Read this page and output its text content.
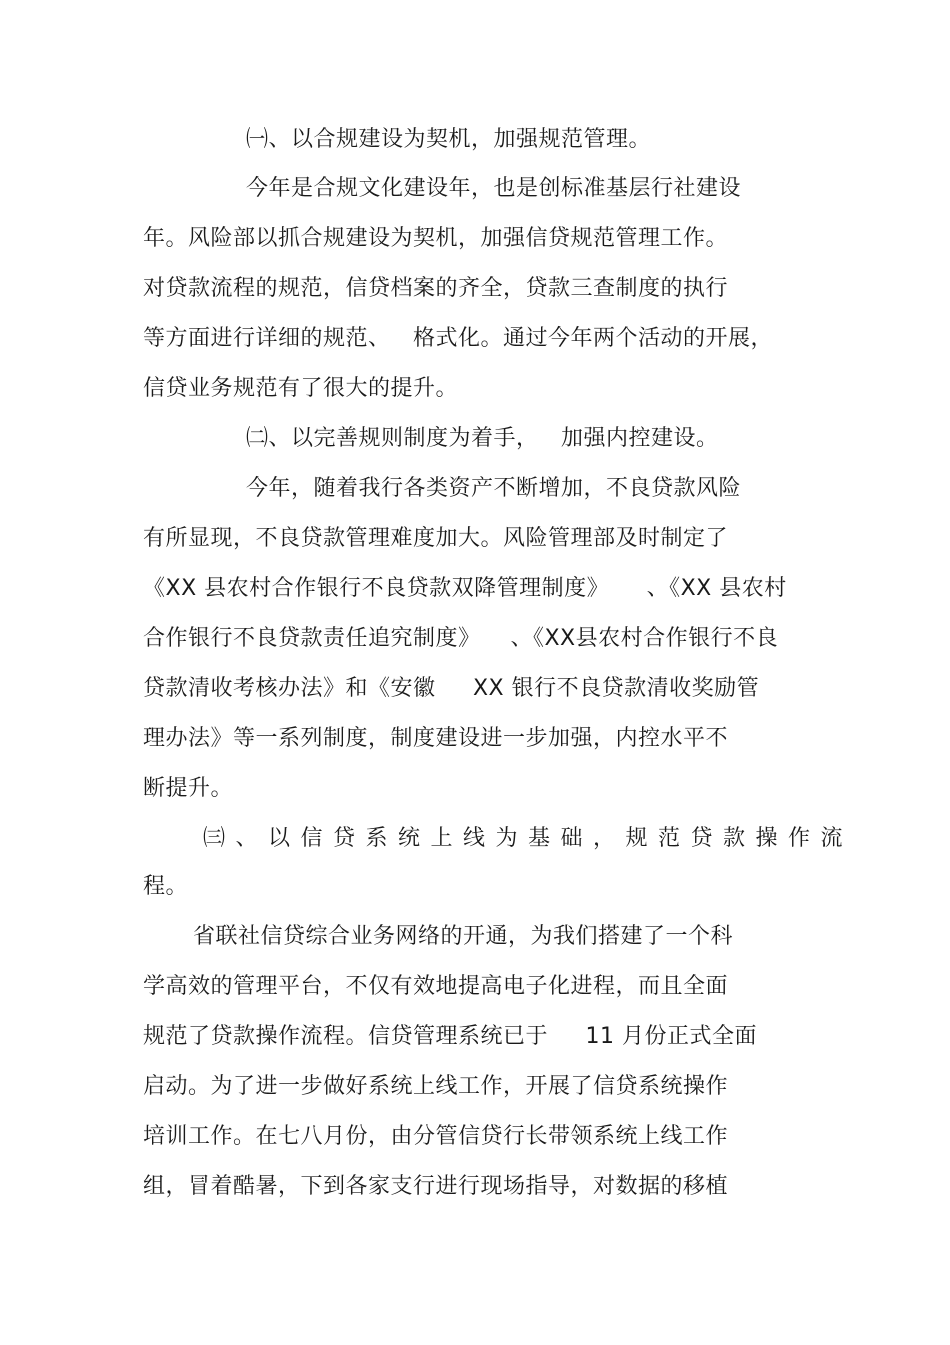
㈠、以合规建设为契机，加强规范管理。
今年是合规文化建设年，也是创标准基层行社建设
年。风险部以抓合规建设为契机，加强信贷规范管理工作。
对贷款流程的规范，信贷档案的齐全，贷款三查制度的执行
等方面进行详细的规范、   格式化。通过今年两个活动的开展，
信贷业务规范有了很大的提升。
㈡、以完善规则制度为着手，   加强内控建设。
今年，随着我行各类资产不断增加，不良贷款风险
有所显现，不良贷款管理难度加大。风险管理部及时制定了
《XX 县农村合作银行不良贷款双降管理制度》     、《XX 县农村
合作银行不良贷款责任追究制度》    、《XX县农村合作银行不良
贷款清收考核办法》和《安徽     XX 银行不良贷款清收奖励管
理办法》等一系列制度，制度建设进一步加强，内控水平不
断提升。
㈢、以信贷系统上线为基础，规范贷款操作流
程。
省联社信贷综合业务网络的开通，为我们搭建了一个科
学高效的管理平台，不仅有效地提高电子化进程，而且全面
规范了贷款操作流程。信贷管理系统已于     11 月份正式全面
启动。为了进一步做好系统上线工作，开展了信贷系统操作
培训工作。在七八月份，由分管信贷行长带领系统上线工作
组，冒着酷暑，下到各家支行进行现场指导，对数据的移植
